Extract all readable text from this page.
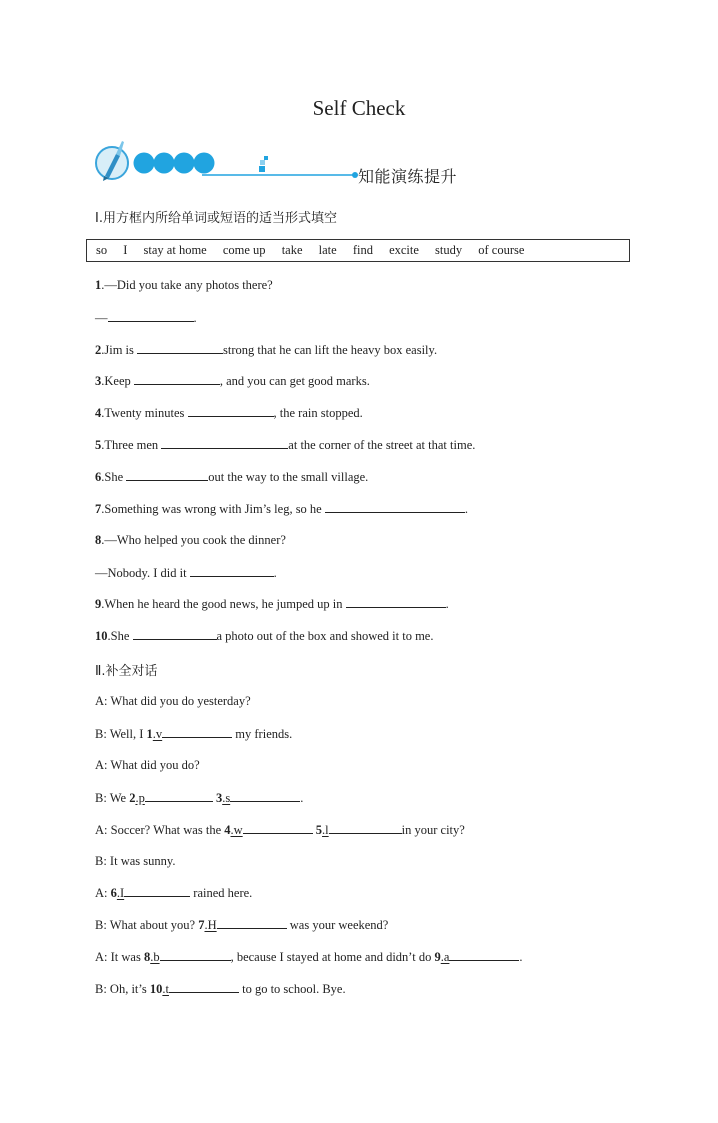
Self Check
知能演练提升
Ⅰ.用方框内所给单词或短语的适当形式填空
so I stay at home come up take late find excite study of course
1.—Did you take any photos there?
—	.
2.Jim is	strong that he can lift the heavy box easily.
3.Keep	, and you can get good marks.
4.Twenty minutes	, the rain stopped.
5.Three men	at the corner of the street at that time.
6.She	out the way to the small village.
7.Something was wrong with Jim’s leg, so he	.
8.—Who helped you cook the dinner?
—Nobody. I did it	.
9.When he heard the good news, he jumped up in	.
10.She	a photo out of the box and showed it to me.
Ⅱ.补全对话
A: What did you do yesterday?
B: Well, I 1.v	my friends.
A: What did you do?
B: We 2.p	3.s	.
A: Soccer? What was the 4.w	5.l	in your city?
B: It was sunny.
A: 6.I	rained here.
B: What about you? 7.H	was your weekend?
A: It was 8.b	, because I stayed at home and didn’t do 9.a	.
B: Oh, it’s 10.t	to go to school. Bye.
